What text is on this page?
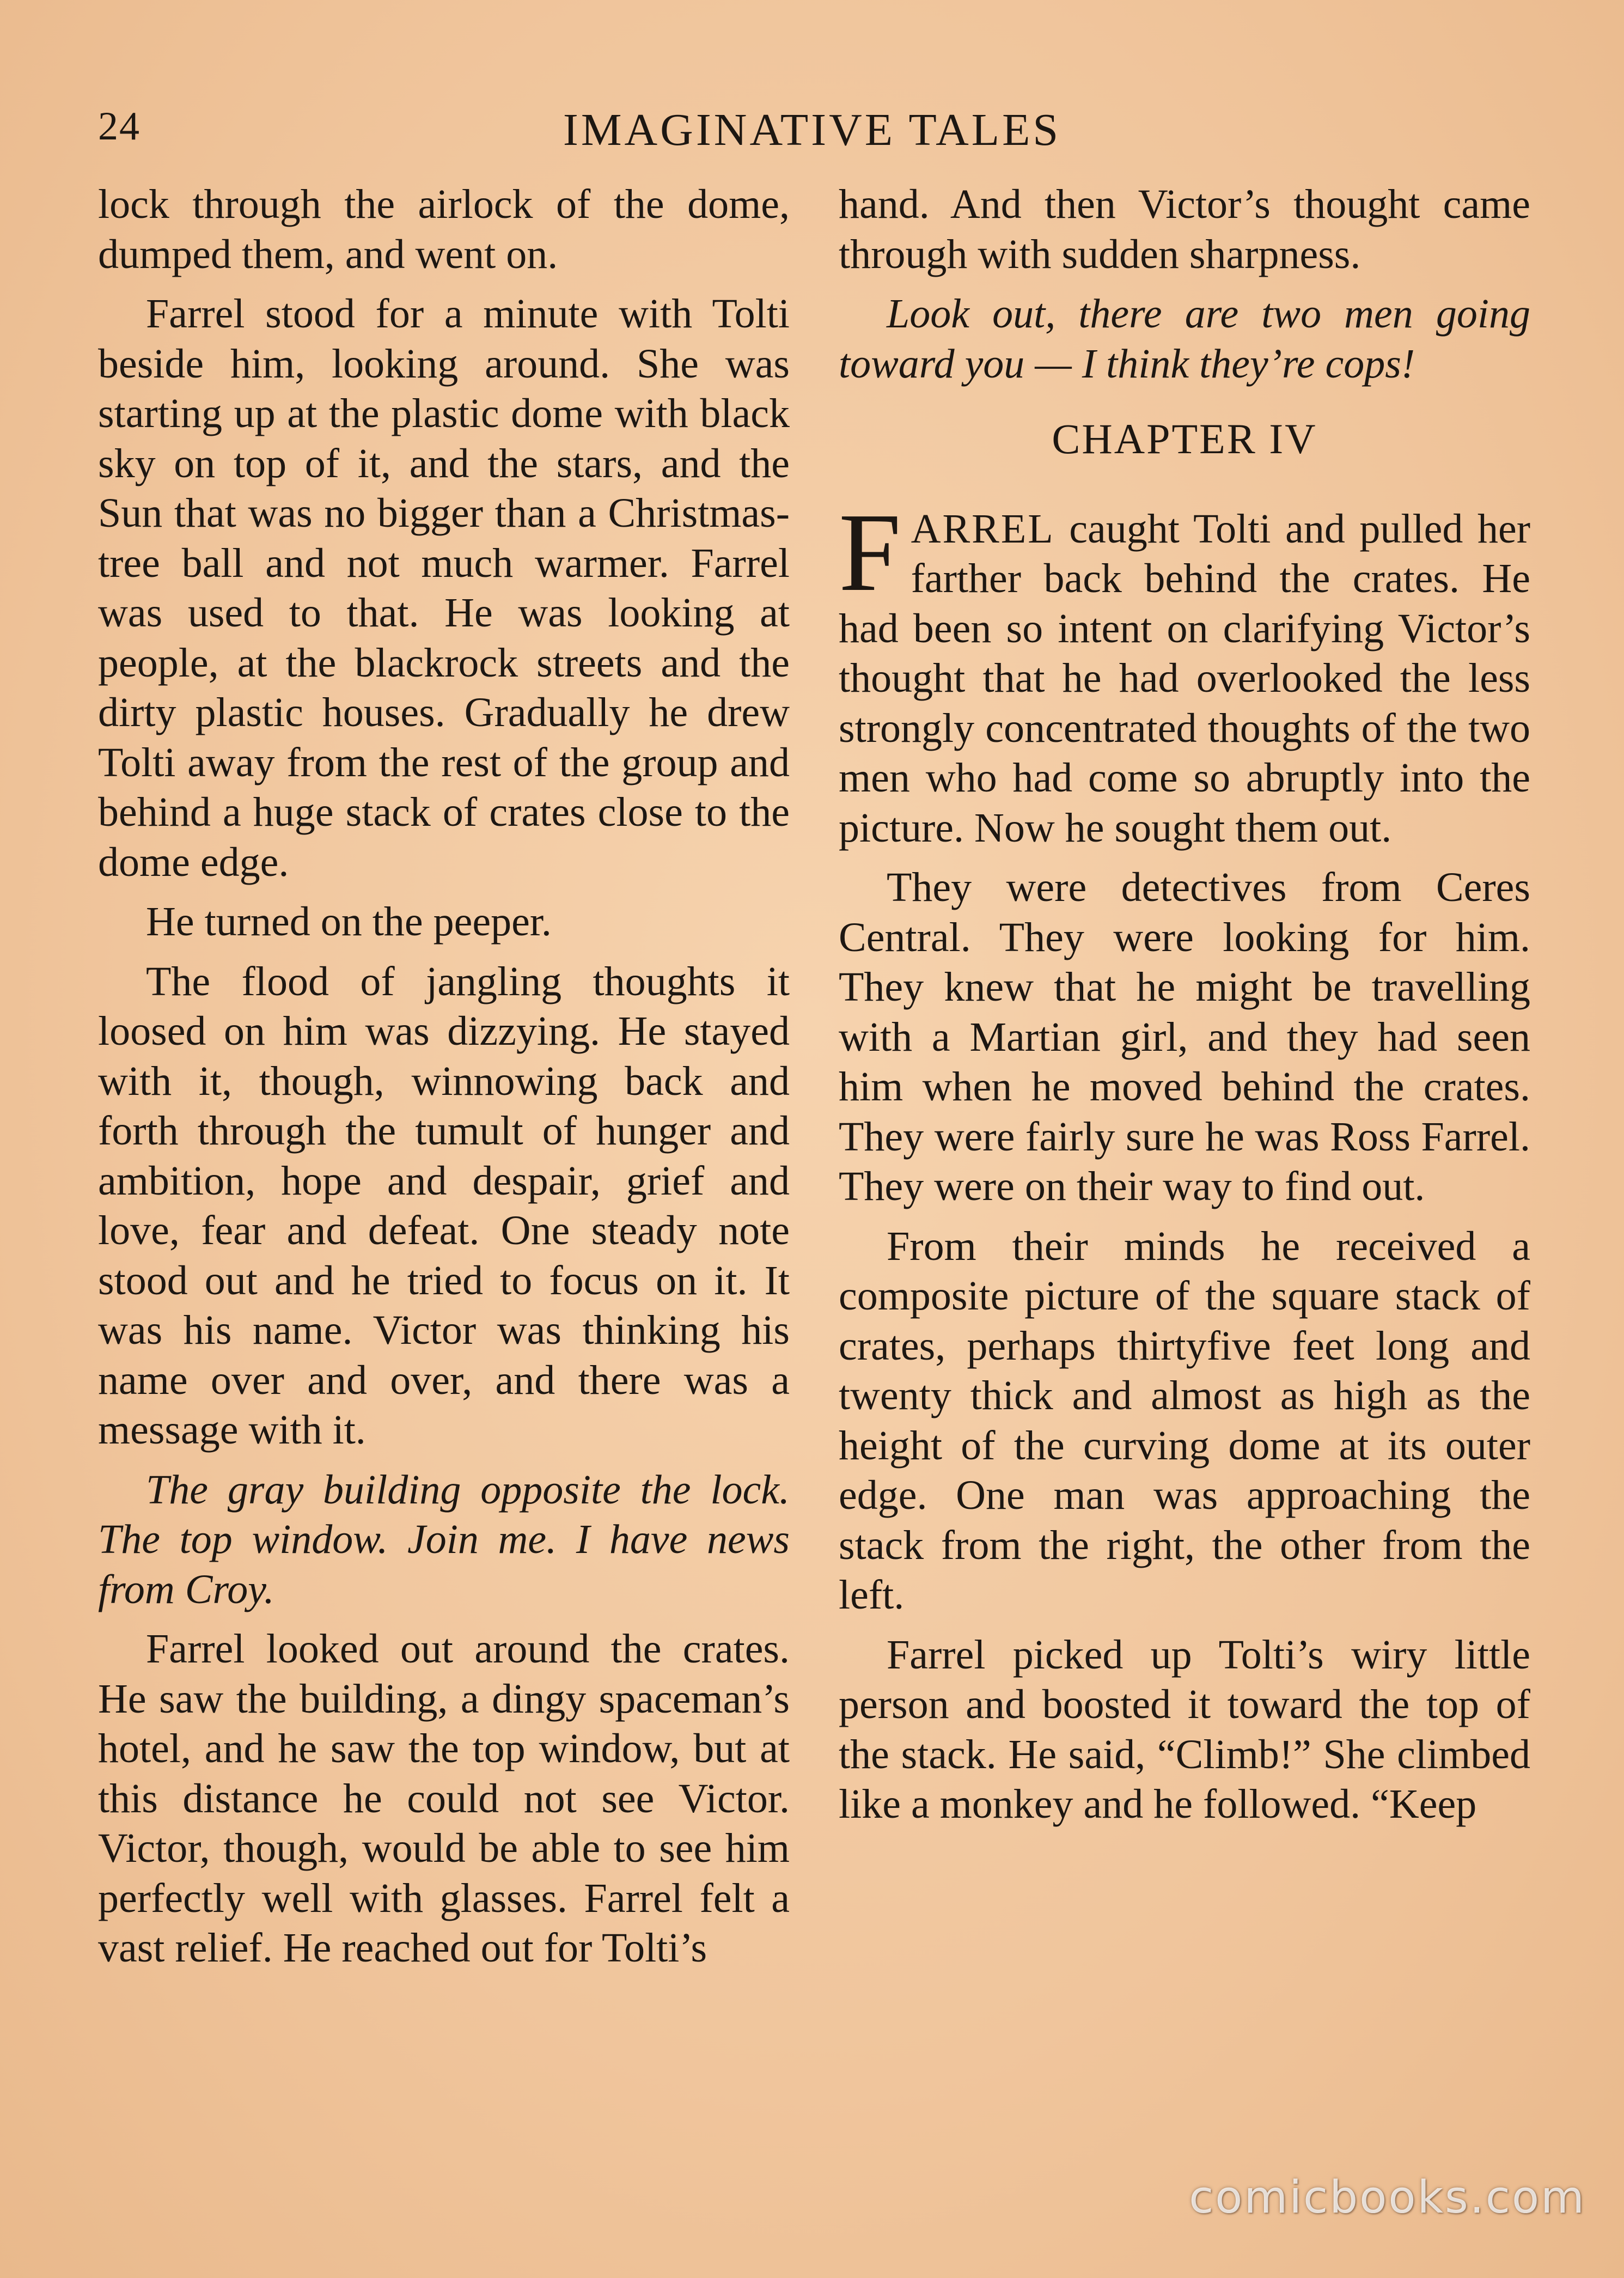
24	IMAGINATIVE TALES

lock through the airlock of the dome, dumped them, and went on.

Farrel stood for a minute with Tolti beside him, looking around. She was starting up at the plastic dome with black sky on top of it, and the stars, and the Sun that was no bigger than a Christmas-tree ball and not much warmer. Farrel was used to that. He was looking at people, at the blackrock streets and the dirty plastic houses. Gradually he drew Tolti away from the rest of the group and behind a huge stack of crates close to the dome edge.

He turned on the peeper.

The flood of jangling thoughts it loosed on him was dizzying. He stayed with it, though, winnowing back and forth through the tumult of hunger and ambition, hope and despair, grief and love, fear and defeat. One steady note stood out and he tried to focus on it. It was his name. Victor was thinking his name over and over, and there was a message with it.

The gray building opposite the lock. The top window. Join me. I have news from Croy.

Farrel looked out around the crates. He saw the building, a dingy spaceman’s hotel, and he saw the top window, but at this distance he could not see Victor. Victor, though, would be able to see him perfectly well with glasses. Farrel felt a vast relief. He reached out for Tolti’s

hand. And then Victor’s thought came through with sudden sharpness.

Look out, there are two men going toward you — I think they’re cops!

CHAPTER IV

FARREL caught Tolti and pulled her farther back behind the crates. He had been so intent on clarifying Victor’s thought that he had overlooked the less strongly concentrated thoughts of the two men who had come so abruptly into the picture. Now he sought them out.

They were detectives from Ceres Central. They were looking for him. They knew that he might be travelling with a Martian girl, and they had seen him when he moved behind the crates. They were fairly sure he was Ross Farrel. They were on their way to find out.

From their minds he received a composite picture of the square stack of crates, perhaps thirtyfive feet long and twenty thick and almost as high as the height of the curving dome at its outer edge. One man was approaching the stack from the right, the other from the left.

Farrel picked up Tolti’s wiry little person and boosted it toward the top of the stack. He said, “Climb!” She climbed like a monkey and he followed. “Keep

comicbooks.com
